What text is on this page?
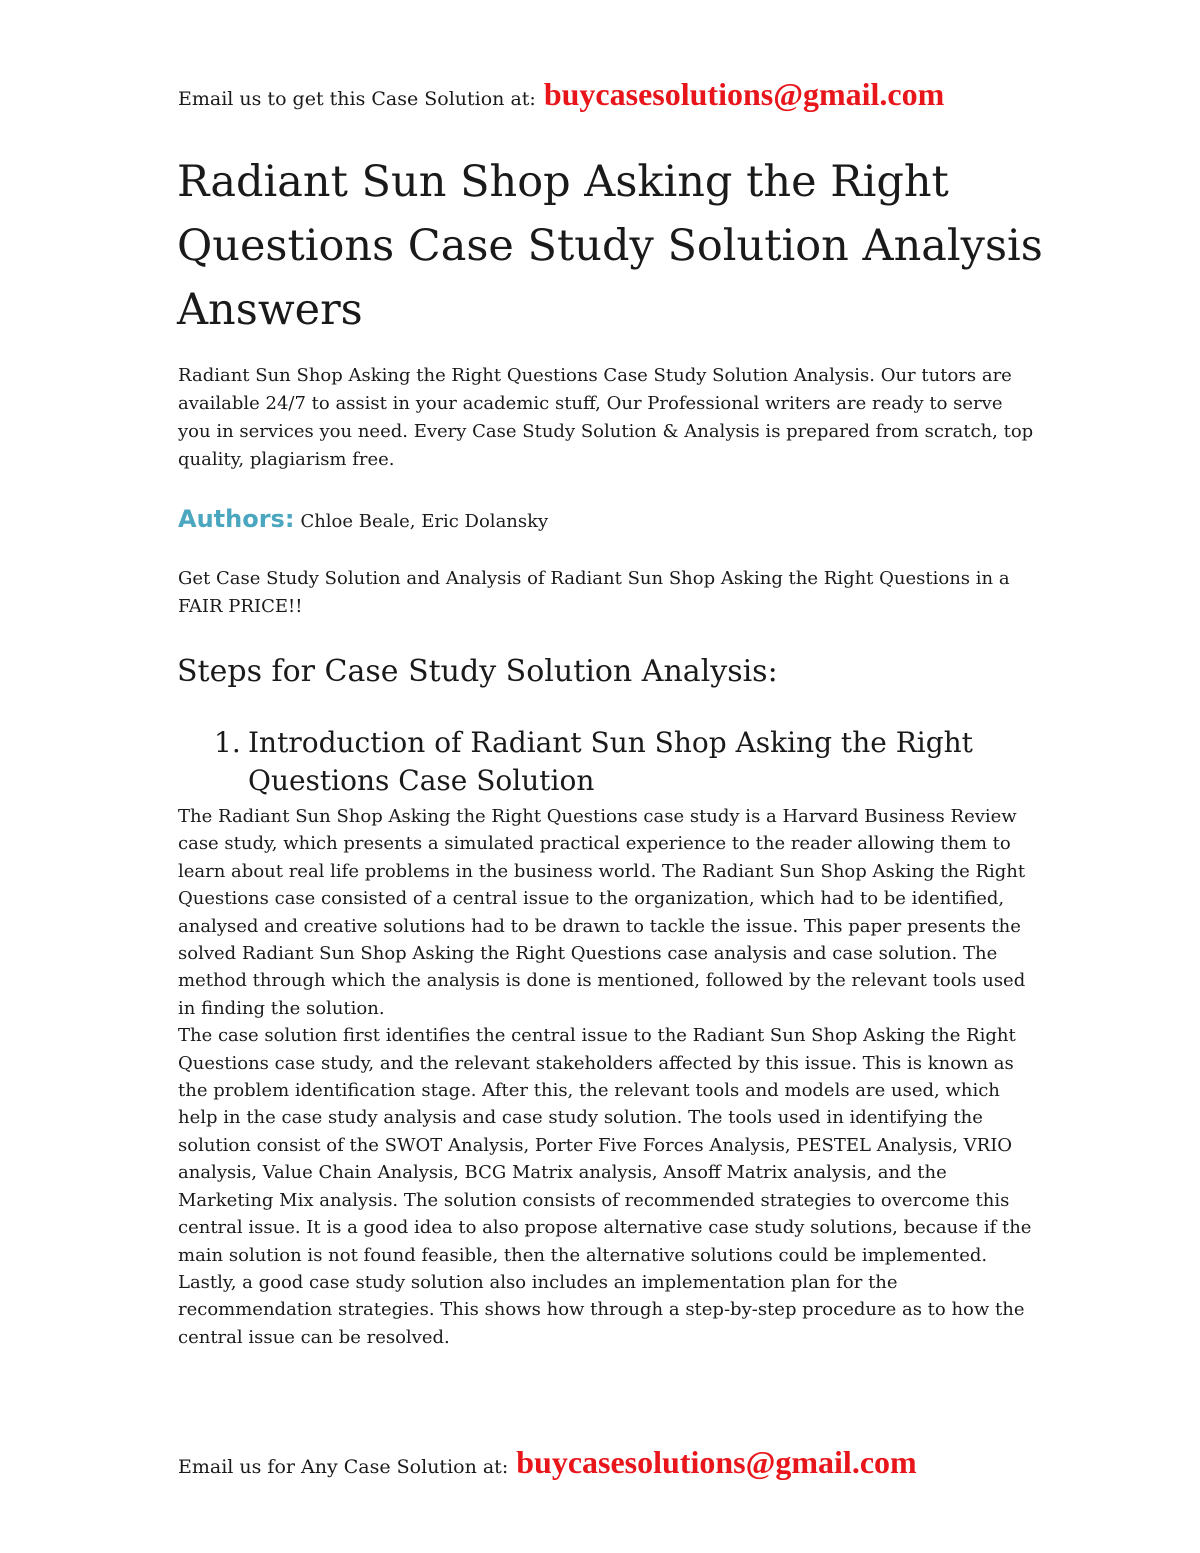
Email us to get this Case Solution at: buycasesolutions@gmail.com
Radiant Sun Shop Asking the Right Questions Case Study Solution Analysis Answers

Radiant Sun Shop Asking the Right Questions Case Study Solution Analysis. Our tutors are available 24/7 to assist in your academic stuff, Our Professional writers are ready to serve you in services you need. Every Case Study Solution & Analysis is prepared from scratch, top quality, plagiarism free.

Authors: Chloe Beale, Eric Dolansky

Get Case Study Solution and Analysis of Radiant Sun Shop Asking the Right Questions in a FAIR PRICE!!

Steps for Case Study Solution Analysis:
1. Introduction of Radiant Sun Shop Asking the Right Questions Case Solution

The Radiant Sun Shop Asking the Right Questions case study is a Harvard Business Review case study, which presents a simulated practical experience to the reader allowing them to learn about real life problems in the business world. The Radiant Sun Shop Asking the Right Questions case consisted of a central issue to the organization, which had to be identified, analysed and creative solutions had to be drawn to tackle the issue. This paper presents the solved Radiant Sun Shop Asking the Right Questions case analysis and case solution. The method through which the analysis is done is mentioned, followed by the relevant tools used in finding the solution.

The case solution first identifies the central issue to the Radiant Sun Shop Asking the Right Questions case study, and the relevant stakeholders affected by this issue. This is known as the problem identification stage. After this, the relevant tools and models are used, which help in the case study analysis and case study solution. The tools used in identifying the solution consist of the SWOT Analysis, Porter Five Forces Analysis, PESTEL Analysis, VRIO analysis, Value Chain Analysis, BCG Matrix analysis, Ansoff Matrix analysis, and the Marketing Mix analysis. The solution consists of recommended strategies to overcome this central issue. It is a good idea to also propose alternative case study solutions, because if the main solution is not found feasible, then the alternative solutions could be implemented. Lastly, a good case study solution also includes an implementation plan for the recommendation strategies. This shows how through a step-by-step procedure as to how the central issue can be resolved.

Email us for Any Case Solution at: buycasesolutions@gmail.com
